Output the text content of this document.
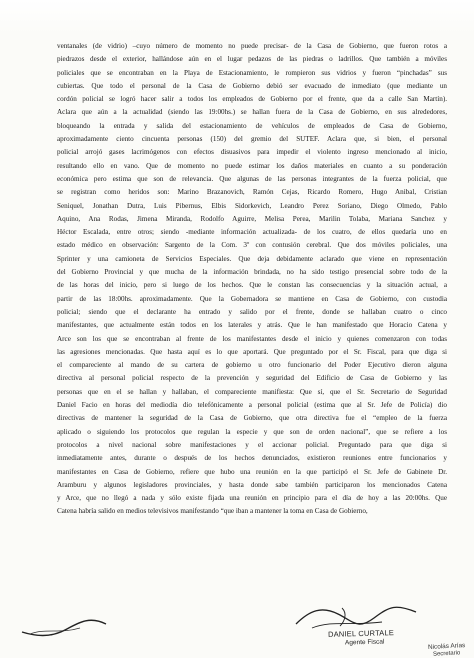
ventanales (de vidrio) –cuyo número de momento no puede precisar- de la Casa de Gobierno, que fueron rotos a
piedrazos desde el exterior, hallándose aún en el lugar pedazos de las piedras o ladrillos. Que también a móviles
policiales que se encontraban en la Playa de Estacionamiento, le rompieron sus vidrios y fueron “pinchadas” sus
cubiertas. Que todo el personal de la Casa de Gobierno debió ser evacuado de inmediato (que mediante un
cordón policial se logró hacer salir a todos los empleados de Gobierno por el frente, que da a calle San Martín).
Aclara que aún a la actualidad (siendo las 19:00hs.) se hallan fuera de la Casa de Gobierno, en sus alrededores,
bloqueando la entrada y salida del estacionamiento de vehículos de empleados de Casa de Gobierno,
aproximadamente ciento cincuenta personas (150) del gremio del SUTEF. Aclara que, si bien, el personal
policial arrojó gases lacrimógenos con efectos disuasivos para impedir el violento ingreso mencionado al inicio,
resultando ello en vano. Que de momento no puede estimar los daños materiales en cuanto a su ponderación
económica pero estima que son de relevancia. Que algunas de las personas integrantes de la fuerza policial, que
se registran como heridos son: Marino Brazanovich, Ramón Cejas, Ricardo Romero, Hugo Anibal, Cristian
Seniquel, Jonathan Dutra, Luis Pibernus, Elbis Sidorkevich, Leandro Perez Soriano, Diego Olmedo, Pablo
Aquino, Ana Rodas, Jimena Miranda, Rodolfo Aguirre, Melisa Perea, Marilin Tolaba, Mariana Sanchez y
Héctor Escalada, entre otros; siendo -mediante información actualizada- de los cuatro, de ellos quedaría uno en
estado médico en observación: Sargento de la Com. 3º con contusión cerebral. Que dos móviles policiales, una
Sprinter y una camioneta de Servicios Especiales. Que deja debidamente aclarado que viene en representación
del Gobierno Provincial y que mucha de la información brindada, no ha sido testigo presencial sobre todo de la
de las horas del inicio, pero si luego de los hechos. Que le constan las consecuencias y la situación actual, a
partir de las 18:00hs. aproximadamente. Que la Gobernadora se mantiene en Casa de Gobierno, con custodia
policial; siendo que el declarante ha entrado y salido por el frente, donde se hallaban cuatro o cinco
manifestantes, que actualmente están todos en los laterales y atrás. Que le han manifestado que Horacio Catena y
Arce son los que se encontraban al frente de los manifestantes desde el inicio y quienes comenzaron con todas
las agresiones mencionadas. Que hasta aquí es lo que aportará. Que preguntado por el Sr. Fiscal, para que diga si
el compareciente al mando de su cartera de gobierno u otro funcionario del Poder Ejecutivo dieron alguna
directiva al personal policial respecto de la prevención y seguridad del Edificio de Casa de Gobierno y las
personas que en el se hallan y hallaban, el compareciente manifiesta: Que sí, que el Sr. Secretario de Seguridad
Daniel Facio en horas del mediodía dio telefónicamente a personal policial (estima que al Sr. Jefe de Policía) dio
directivas de mantener la seguridad de la Casa de Gobierno, que otra directiva fue el “empleo de la fuerza
aplicado o siguiendo los protocolos que regulan la especie y que son de orden nacional”, que se refiere a los
protocolos a nivel nacional sobre manifestaciones y el accionar policial. Preguntado para que diga si
inmediatamente antes, durante o después de los hechos denunciados, existieron reuniones entre funcionarios y
manifestantes en Casa de Gobierno, refiere que hubo una reunión en la que participó el Sr. Jefe de Gabinete Dr.
Aramburu y algunos legisladores provinciales, y hasta donde sabe también participaron los mencionados Catena
y Arce, que no llegó a nada y sólo existe fijada una reunión en principio para el día de hoy a las 20:00hs. Que
Catena habría salido en medios televisivos manifestando “que iban a mantener la toma en Casa de Gobierno,
DANIEL CURTALE
Agente Fiscal	Nicolás Arías
Secretario
